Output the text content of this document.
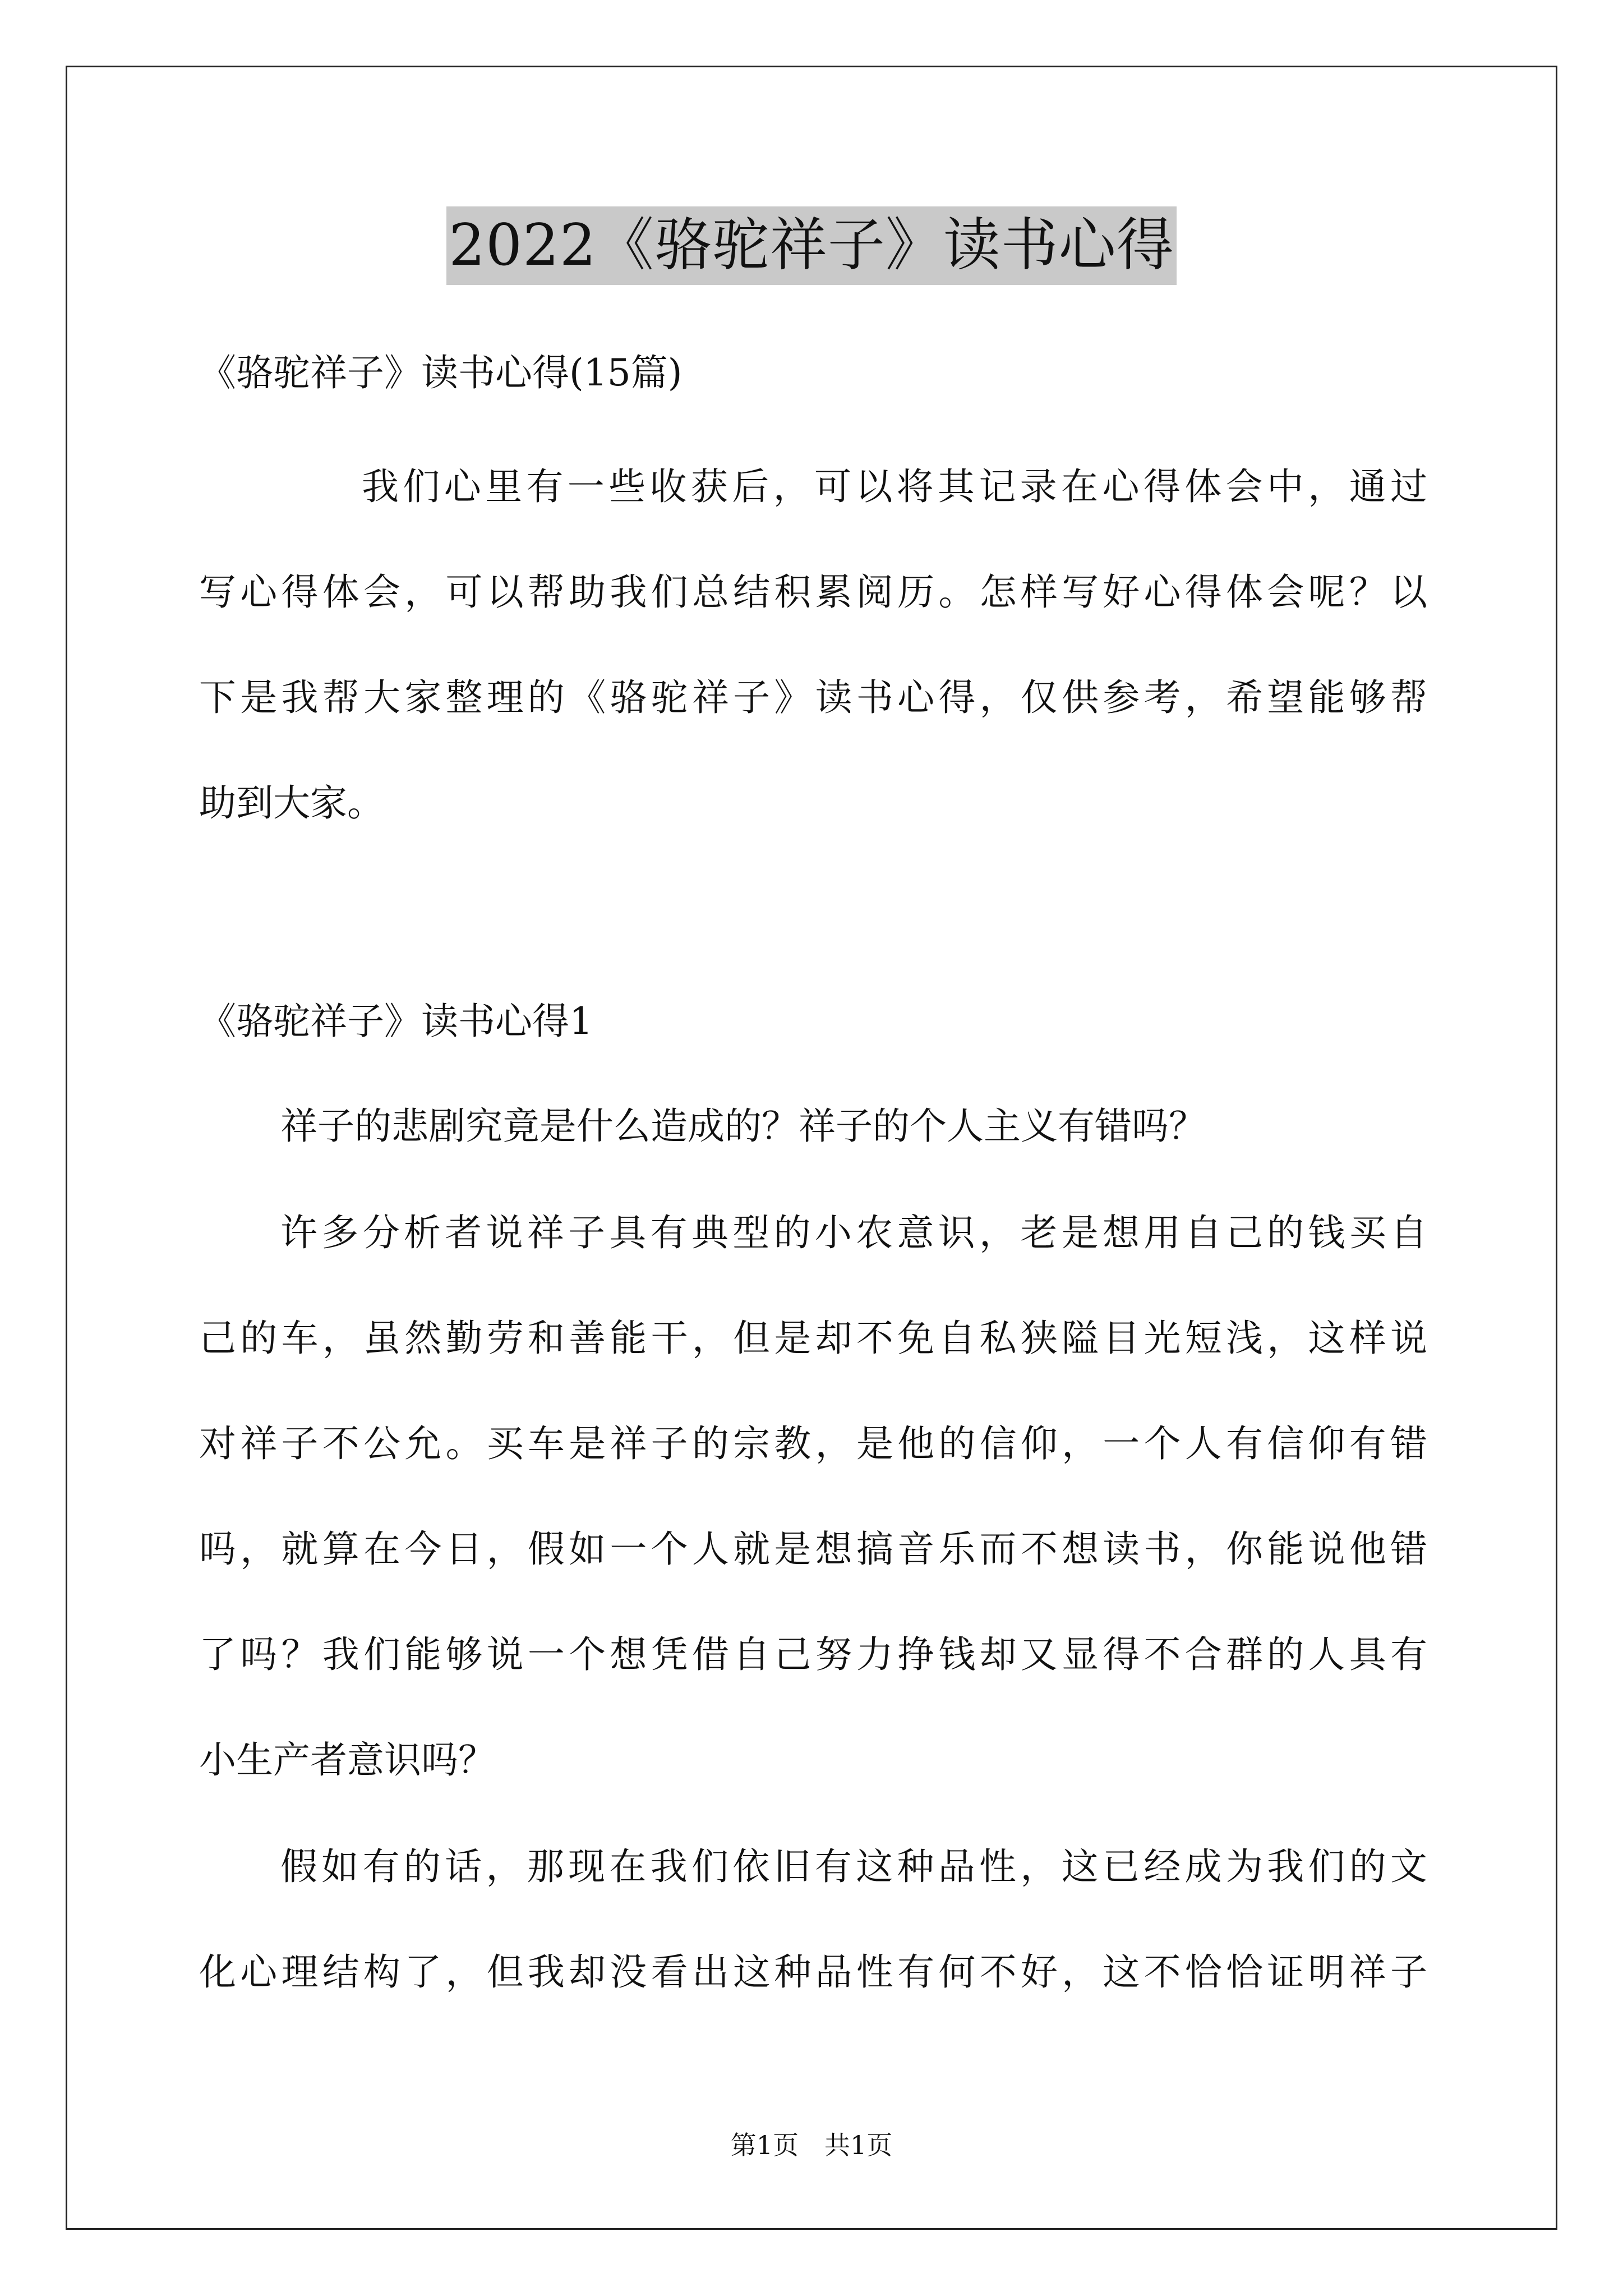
2022《骆驼祥子》读书心得
《骆驼祥子》读书心得(15篇)
我们心里有一些收获后，可以将其记录在心得体会中，通过
写心得体会，可以帮助我们总结积累阅历。怎样写好心得体会呢？以
下是我帮大家整理的《骆驼祥子》读书心得，仅供参考，希望能够帮
助到大家。
《骆驼祥子》读书心得1
祥子的悲剧究竟是什么造成的？祥子的个人主义有错吗？
许多分析者说祥子具有典型的小农意识，老是想用自己的钱买自
己的车，虽然勤劳和善能干，但是却不免自私狭隘目光短浅，这样说
对祥子不公允。买车是祥子的宗教，是他的信仰，一个人有信仰有错
吗，就算在今日，假如一个人就是想搞音乐而不想读书，你能说他错
了吗？我们能够说一个想凭借自己努力挣钱却又显得不合群的人具有
小生产者意识吗？
假如有的话，那现在我们依旧有这种品性，这已经成为我们的文
化心理结构了，但我却没看出这种品性有何不好，这不恰恰证明祥子
第1页　共1页
